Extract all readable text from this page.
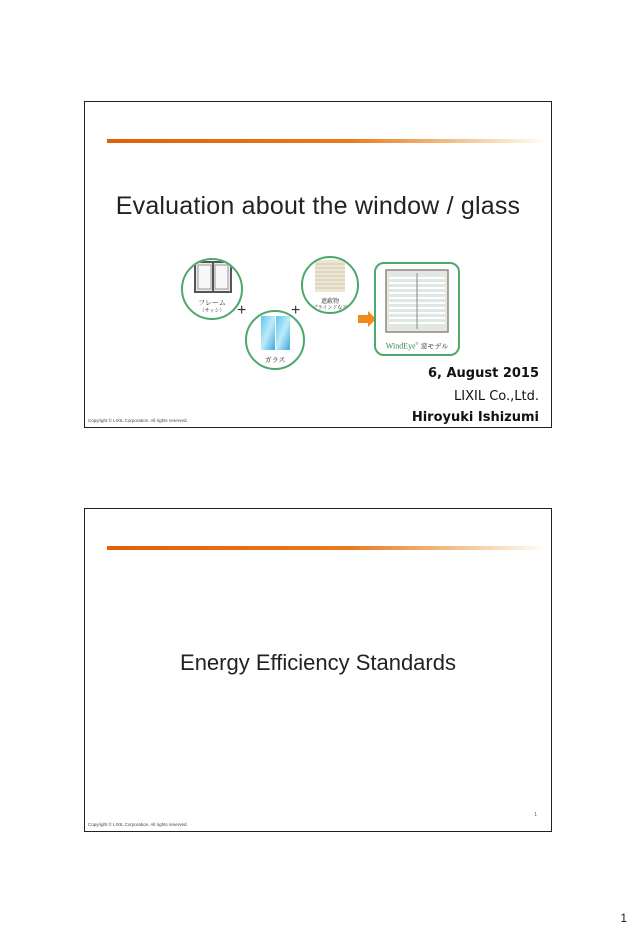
Evaluation about the window / glass
フレーム
（サッシ） +
ガラス
+
遮蔽物
（ブラインドなど）
WindEye® 窓モデル
6, August 2015
LIXIL Co.,Ltd.
Hiroyuki Ishizumi
Copyright © LIXIL Corporation. All rights reserved.
Energy Efficiency Standards
1
Copyright © LIXIL Corporation. All rights reserved.
1
